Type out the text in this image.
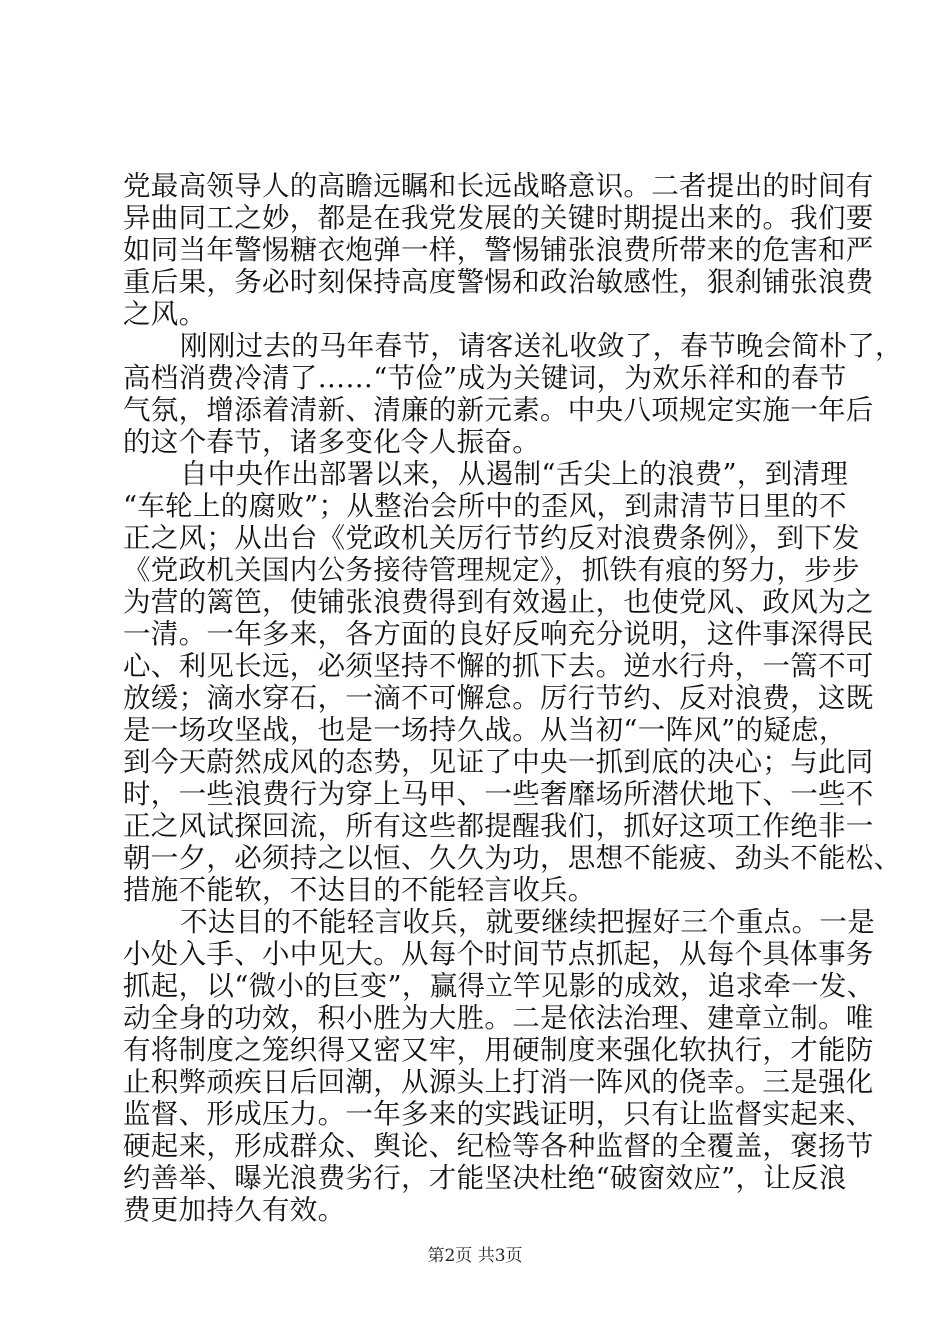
党最高领导人的高瞻远瞩和长远战略意识。二者提出的时间有
异曲同工之妙，都是在我党发展的关键时期提出来的。我们要
如同当年警惕糖衣炮弹一样，警惕铺张浪费所带来的危害和严
重后果，务必时刻保持高度警惕和政治敏感性，狠刹铺张浪费
之风。
刚刚过去的马年春节，请客送礼收敛了，春节晚会简朴了，
高档消费冷清了……“节俭”成为关键词，为欢乐祥和的春节
气氛，增添着清新、清廉的新元素。中央八项规定实施一年后
的这个春节，诸多变化令人振奋。
自中央作出部署以来，从遏制“舌尖上的浪费”，到清理
“车轮上的腐败”；从整治会所中的歪风，到肃清节日里的不
正之风；从出台《党政机关厉行节约反对浪费条例》，到下发
《党政机关国内公务接待管理规定》，抓铁有痕的努力，步步
为营的篱笆，使铺张浪费得到有效遏止，也使党风、政风为之
一清。一年多来，各方面的良好反响充分说明，这件事深得民
心、利见长远，必须坚持不懈的抓下去。逆水行舟，一篙不可
放缓；滴水穿石，一滴不可懈怠。厉行节约、反对浪费，这既
是一场攻坚战，也是一场持久战。从当初“一阵风”的疑虑，
到今天蔚然成风的态势，见证了中央一抓到底的决心；与此同
时，一些浪费行为穿上马甲、一些奢靡场所潜伏地下、一些不
正之风试探回流，所有这些都提醒我们，抓好这项工作绝非一
朝一夕，必须持之以恒、久久为功，思想不能疲、劲头不能松、
措施不能软，不达目的不能轻言收兵。
不达目的不能轻言收兵，就要继续把握好三个重点。一是
小处入手、小中见大。从每个时间节点抓起，从每个具体事务
抓起，以“微小的巨变”，赢得立竿见影的成效，追求牵一发、
动全身的功效，积小胜为大胜。二是依法治理、建章立制。唯
有将制度之笼织得又密又牢，用硬制度来强化软执行，才能防
止积弊顽疾日后回潮，从源头上打消一阵风的侥幸。三是强化
监督、形成压力。一年多来的实践证明，只有让监督实起来、
硬起来，形成群众、舆论、纪检等各种监督的全覆盖，褒扬节
约善举、曝光浪费劣行，才能坚决杜绝“破窗效应”，让反浪
费更加持久有效。
第2页 共3页
